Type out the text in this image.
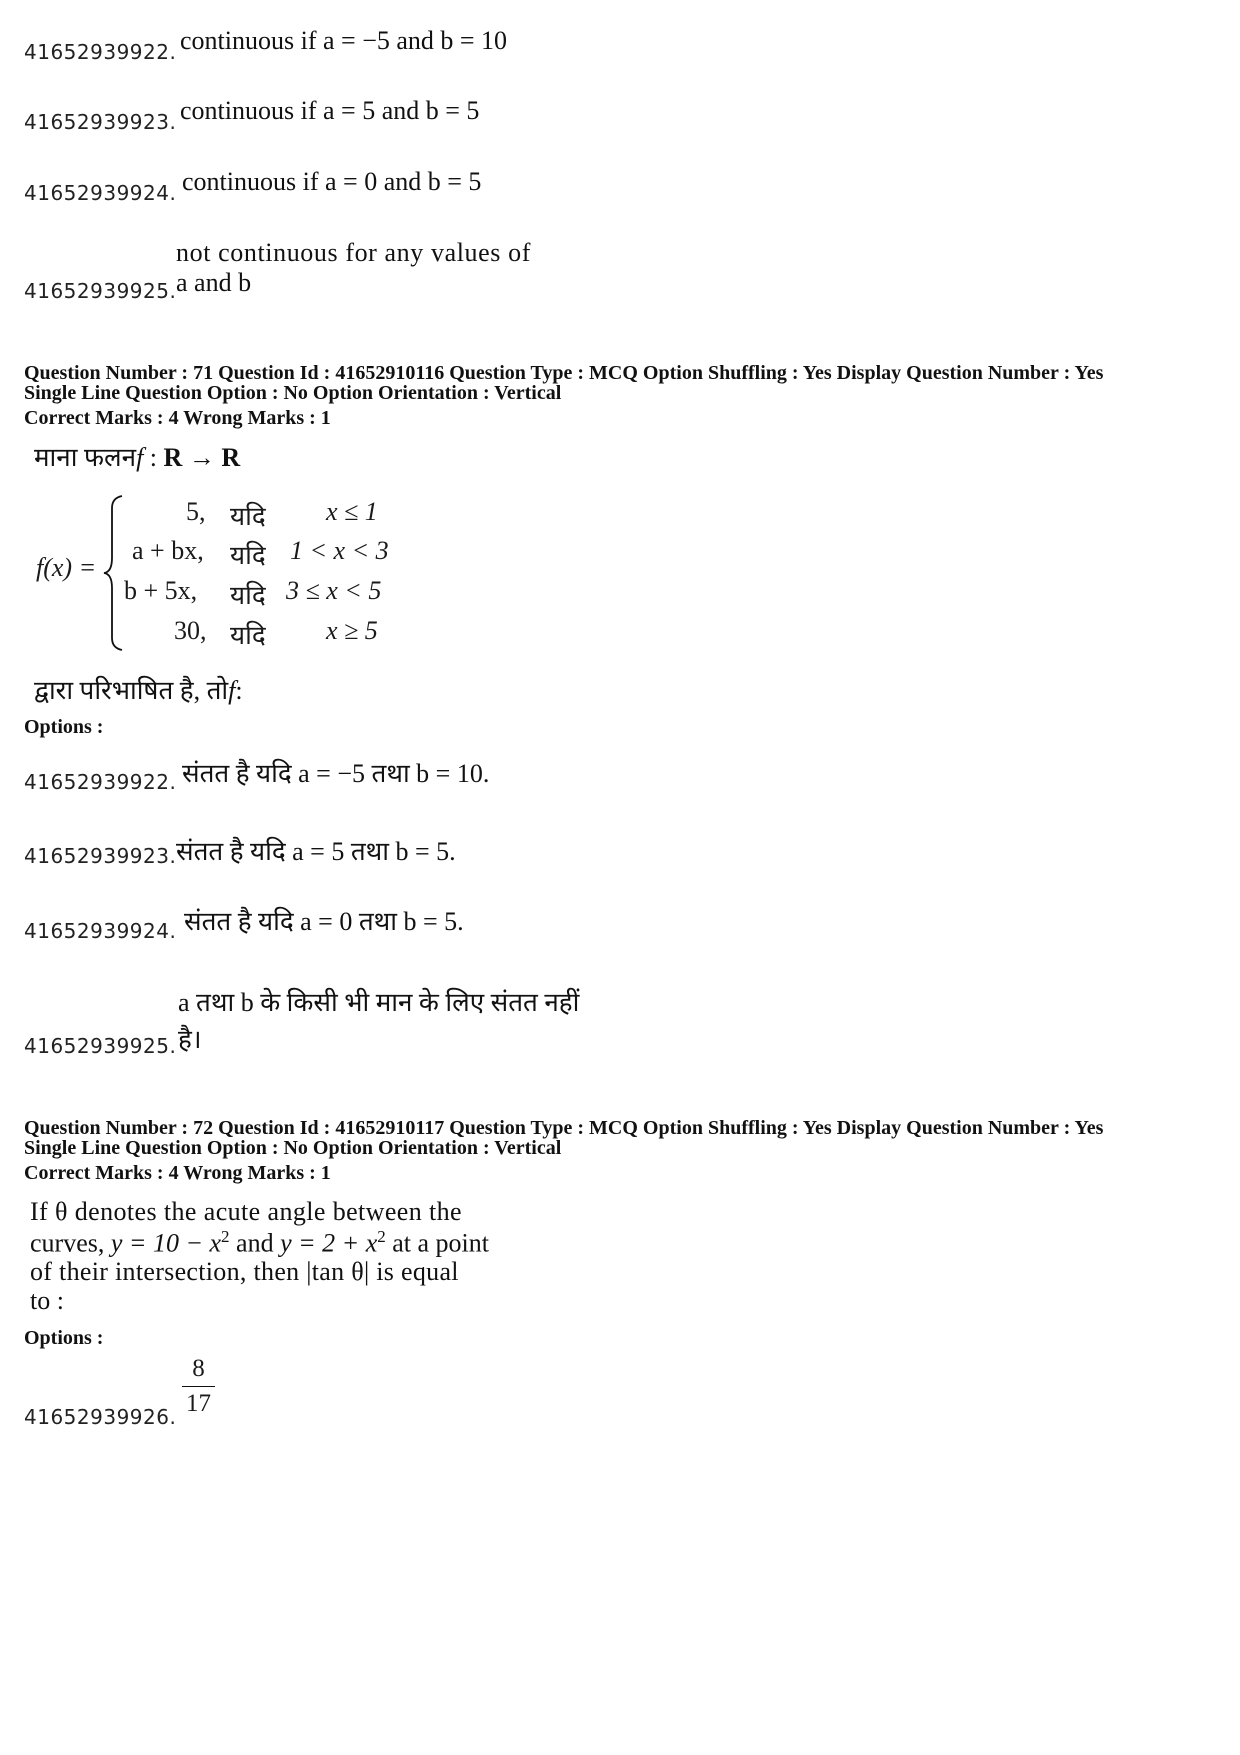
41652939922. continuous if a = −5 and b = 10
41652939923. continuous if a = 5 and b = 5
41652939924. continuous if a = 0 and b = 5
not continuous for any values of
41652939925. a and b
Question Number : 71 Question Id : 41652910116 Question Type : MCQ Option Shuffling : Yes Display Question Number : Yes
Single Line Question Option : No Option Orientation : Vertical
Correct Marks : 4 Wrong Marks : 1
माना फलनf : R → R
f(x) =
5, यदि x ≤ 1
a + bx, यदि 1 < x < 3
b + 5x, यदि 3 ≤ x < 5
30, यदि x ≥ 5
द्वारा परिभाषित है, तोf:
Options :
41652939922. संतत है यदि a = −5 तथा b = 10.
41652939923. संतत है यदि a = 5 तथा b = 5.
41652939924. संतत है यदि a = 0 तथा b = 5.
a तथा b के किसी भी मान के लिए संतत नहीं
41652939925. है।
Question Number : 72 Question Id : 41652910117 Question Type : MCQ Option Shuffling : Yes Display Question Number : Yes
Single Line Question Option : No Option Orientation : Vertical
Correct Marks : 4 Wrong Marks : 1
If θ denotes the acute angle between the
curves, $y = 10 - x^2$ and $y = 2 + x^2$ at a point
of their intersection, then |tan θ| is equal
to :
Options :
41652939926. $\frac{8}{17}$
